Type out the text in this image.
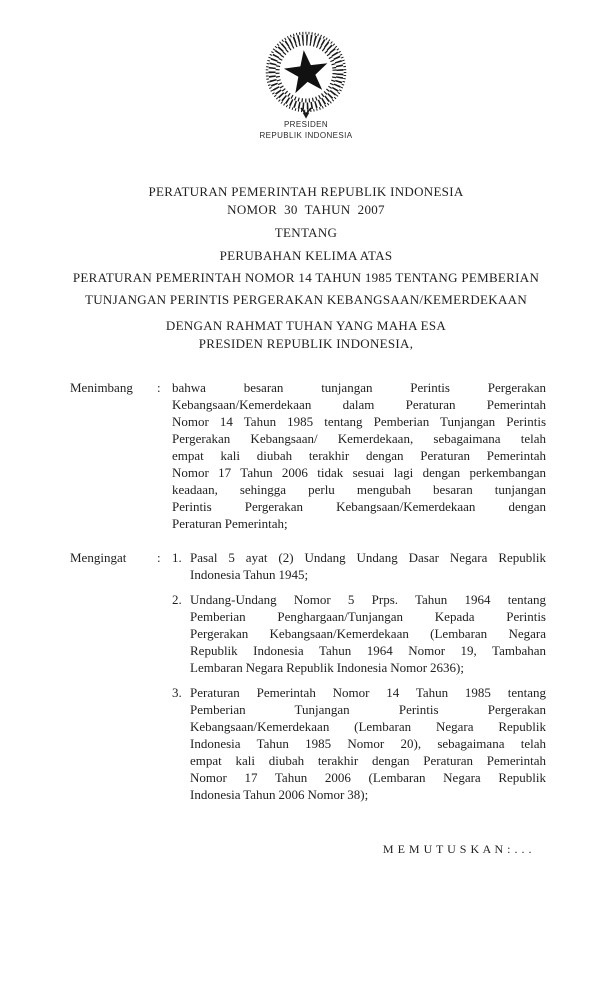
PRESIDEN
REPUBLIK INDONESIA
PERATURAN PEMERINTAH REPUBLIK INDONESIA
NOMOR  30  TAHUN  2007
TENTANG
PERUBAHAN KELIMA ATAS
PERATURAN PEMERINTAH NOMOR 14 TAHUN 1985 TENTANG PEMBERIAN
TUNJANGAN PERINTIS PERGERAKAN KEBANGSAAN/KEMERDEKAAN
DENGAN RAHMAT TUHAN YANG MAHA ESA
PRESIDEN REPUBLIK INDONESIA,
Menimbang	: bahwa besaran tunjangan Perintis Pergerakan
Kebangsaan/Kemerdekaan dalam Peraturan Pemerintah
Nomor 14 Tahun 1985 tentang Pemberian Tunjangan Perintis
Pergerakan Kebangsaan/ Kemerdekaan, sebagaimana telah
empat kali diubah terakhir dengan Peraturan Pemerintah
Nomor 17 Tahun 2006 tidak sesuai lagi dengan perkembangan
keadaan, sehingga perlu mengubah besaran tunjangan
Perintis Pergerakan Kebangsaan/Kemerdekaan dengan
Peraturan Pemerintah;
Mengingat	: 1. Pasal 5 ayat (2) Undang Undang Dasar Negara Republik
Indonesia Tahun 1945;
2. Undang-Undang Nomor 5 Prps. Tahun 1964 tentang
Pemberian Penghargaan/Tunjangan Kepada Perintis
Pergerakan Kebangsaan/Kemerdekaan (Lembaran Negara
Republik Indonesia Tahun 1964 Nomor 19, Tambahan
Lembaran Negara Republik Indonesia Nomor 2636);
3. Peraturan Pemerintah Nomor 14 Tahun 1985 tentang
Pemberian Tunjangan Perintis Pergerakan
Kebangsaan/Kemerdekaan (Lembaran Negara Republik
Indonesia Tahun 1985 Nomor 20), sebagaimana telah
empat kali diubah terakhir dengan Peraturan Pemerintah
Nomor 17 Tahun 2006 (Lembaran Negara Republik
Indonesia Tahun 2006 Nomor 38);
M E M U T U S K A N : . . .
